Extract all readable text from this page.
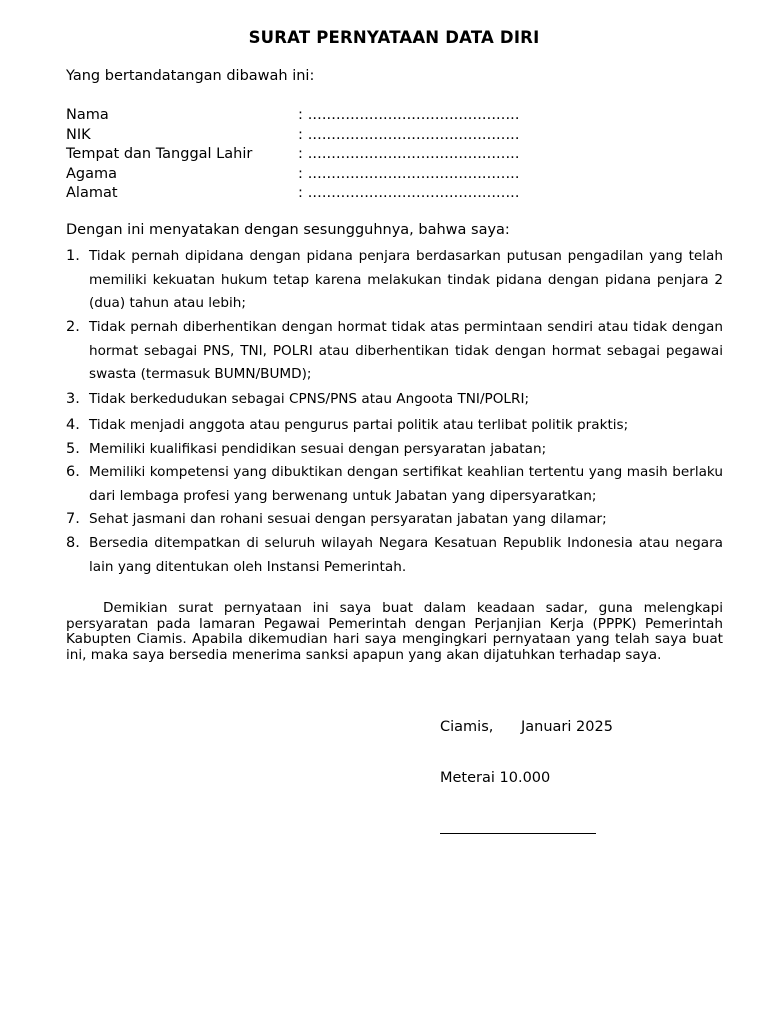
SURAT PERNYATAAN DATA DIRI
Yang bertandatangan dibawah ini:
Nama	: .............................................
NIK	: .............................................
Tempat dan Tanggal Lahir	: .............................................
Agama	: .............................................
Alamat	: .............................................
Dengan ini menyatakan dengan sesungguhnya, bahwa saya:
1. Tidak pernah dipidana dengan pidana penjara berdasarkan putusan pengadilan yang telah memiliki kekuatan hukum tetap karena melakukan tindak pidana dengan pidana penjara 2 (dua) tahun atau lebih;
2. Tidak pernah diberhentikan dengan hormat tidak atas permintaan sendiri atau tidak dengan hormat sebagai PNS, TNI, POLRI atau diberhentikan tidak dengan hormat sebagai pegawai swasta (termasuk BUMN/BUMD);
3. Tidak berkedudukan sebagai CPNS/PNS atau Angoota TNI/POLRI;
4. Tidak menjadi anggota atau pengurus partai politik atau terlibat politik praktis;
5. Memiliki kualifikasi pendidikan sesuai dengan persyaratan jabatan;
6. Memiliki kompetensi yang dibuktikan dengan sertifikat keahlian tertentu yang masih berlaku dari lembaga profesi yang berwenang untuk Jabatan yang dipersyaratkan;
7. Sehat jasmani dan rohani sesuai dengan persyaratan jabatan yang dilamar;
8. Bersedia ditempatkan di seluruh wilayah Negara Kesatuan Republik Indonesia atau negara lain yang ditentukan oleh Instansi Pemerintah.
Demikian surat pernyataan ini saya buat dalam keadaan sadar, guna melengkapi persyaratan pada lamaran Pegawai Pemerintah dengan Perjanjian Kerja (PPPK) Pemerintah Kabupten Ciamis. Apabila dikemudian hari saya mengingkari pernyataan yang telah saya buat ini, maka saya bersedia menerima sanksi apapun yang akan dijatuhkan terhadap saya.
Ciamis, Januari 2025
Meterai 10.000
